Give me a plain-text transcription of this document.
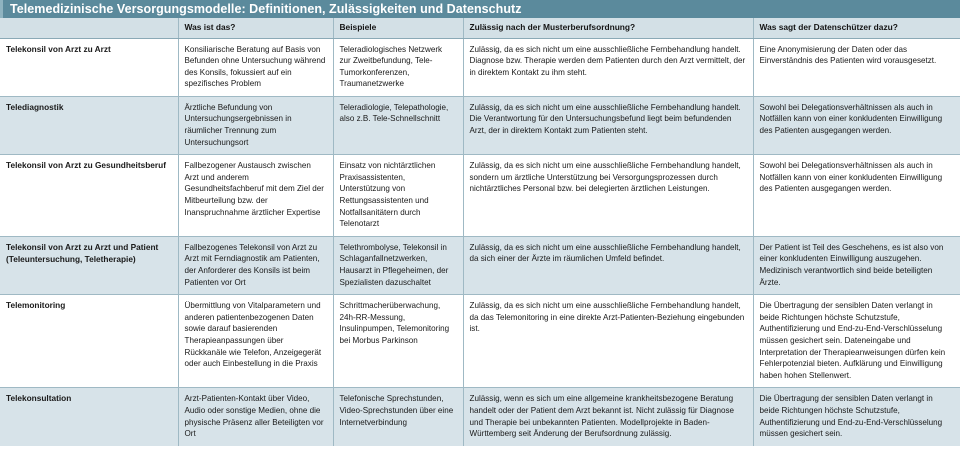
Telemedizinische Versorgungsmodelle: Definitionen, Zulässigkeiten und Datenschutz
	Was ist das?	Beispiele	Zulässig nach der Musterberufsordnung?	Was sagt der Datenschützer dazu?
Telekonsil von Arzt zu Arzt	Konsiliarische Beratung auf Basis von Befunden ohne Untersuchung während des Konsils, fokussiert auf ein spezifisches Problem	Teleradiologisches Netzwerk zur Zweitbefundung, Tele-Tumorkonferenzen, Traumanetzwerke	Zulässig, da es sich nicht um eine ausschließliche Fernbehandlung handelt. Diagnose bzw. Therapie werden dem Patienten durch den Arzt vermittelt, der in direktem Kontakt zu ihm steht.	Eine Anonymisierung der Daten oder das Einverständnis des Patienten wird vorausgesetzt.
Telediagnostik	Ärztliche Befundung von Untersuchungsergebnissen in räumlicher Trennung zum Untersuchungsort	Teleradiologie, Telepathologie, also z.B. Tele-Schnellschnitt	Zulässig, da es sich nicht um eine ausschließliche Fernbehandlung handelt. Die Verantwortung für den Untersuchungsbefund liegt beim befundenden Arzt, der in direktem Kontakt zum Patienten steht.	Sowohl bei Delegationsverhältnissen als auch in Notfällen kann von einer konkludenten Einwilligung des Patienten ausgegangen werden.
Telekonsil von Arzt zu Gesundheitsberuf	Fallbezogener Austausch zwischen Arzt und anderem Gesundheitsfachberuf mit dem Ziel der Mitbeurteilung bzw. der Inanspruchnahme ärztlicher Expertise	Einsatz von nichtärztlichen Praxisassistenten, Unterstützung von Rettungsassistenten und Notfallsanitätern durch Telenotarzt	Zulässig, da es sich nicht um eine ausschließliche Fernbehandlung handelt, sondern um ärztliche Unterstützung bei Versorgungsprozessen durch nichtärztliches Personal bzw. bei delegierten ärztlichen Leistungen.	Sowohl bei Delegationsverhältnissen als auch in Notfällen kann von einer konkludenten Einwilligung des Patienten ausgegangen werden.
Telekonsil von Arzt zu Arzt und Patient (Teleuntersuchung, Teletherapie)	Fallbezogenes Telekonsil von Arzt zu Arzt mit Ferndiagnostik am Patienten, der Anforderer des Konsils ist beim Patienten vor Ort	Telethrombolyse, Telekonsil in Schlaganfallnetzwerken, Hausarzt in Pflegeheimen, der Spezialisten dazuschaltet	Zulässig, da es sich nicht um eine ausschließliche Fernbehandlung handelt, da sich einer der Ärzte im räumlichen Umfeld befindet.	Der Patient ist Teil des Geschehens, es ist also von einer konkludenten Einwilligung auszugehen. Medizinisch verantwortlich sind beide beteiligten Ärzte.
Telemonitoring	Übermittlung von Vitalparametern und anderen patientenbezogenen Daten sowie darauf basierenden Therapieanpassungen über Rückkanäle wie Telefon, Anzeigegerät oder auch Einbestellung in die Praxis	Schrittmacherüberwachung, 24h-RR-Messung, Insulinpumpen, Telemonitoring bei Morbus Parkinson	Zulässig, da es sich nicht um eine ausschließliche Fernbehandlung handelt, da das Telemonitoring in eine direkte Arzt-Patienten-Beziehung eingebunden ist.	Die Übertragung der sensiblen Daten verlangt in beide Richtungen höchste Schutzstufe, Authentifizierung und End-zu-End-Verschlüsselung müssen gesichert sein. Dateneingabe und Interpretation der Therapieanweisungen dürfen kein Fehlerpotenzial bieten. Aufklärung und Einwilligung haben hohen Stellenwert.
Telekonsultation	Arzt-Patienten-Kontakt über Video, Audio oder sonstige Medien, ohne die physische Präsenz aller Beteiligten vor Ort	Telefonische Sprechstunden, Video-Sprechstunden über eine Internetverbindung	Zulässig, wenn es sich um eine allgemeine krankheitsbezogene Beratung handelt oder der Patient dem Arzt bekannt ist. Nicht zulässig für Diagnose und Therapie bei unbekannten Patienten. Modellprojekte in Baden-Württemberg seit Änderung der Berufsordnung zulässig.	Die Übertragung der sensiblen Daten verlangt in beide Richtungen höchste Schutzstufe, Authentifizierung und End-zu-End-Verschlüsselung müssen gesichert sein.
